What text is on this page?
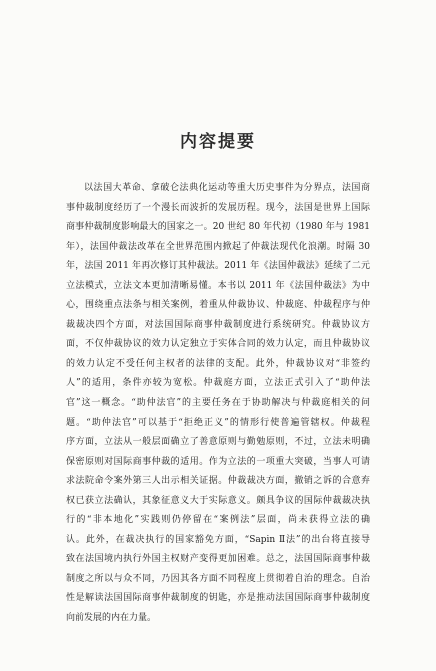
内容提要
以法国大革命、拿破仑法典化运动等重大历史事件为分界点，法国商
事仲裁制度经历了一个漫长而波折的发展历程。现今，法国是世界上国际
商事仲裁制度影响最大的国家之一。20 世纪 80 年代初（1980 年与 1981
年），法国仲裁法改革在全世界范围内掀起了仲裁法现代化浪潮。时隔 30
年，法国 2011 年再次修订其仲裁法。2011 年《法国仲裁法》延续了二元
立法模式，立法文本更加清晰易懂。本书以 2011 年《法国仲裁法》为中
心，围绕重点法条与相关案例，着重从仲裁协议、仲裁庭、仲裁程序与仲
裁裁决四个方面，对法国国际商事仲裁制度进行系统研究。仲裁协议方
面，不仅仲裁协议的效力认定独立于实体合同的效力认定，而且仲裁协议
的效力认定不受任何主权者的法律的支配。此外，仲裁协议对“非签约
人”的适用，条件亦较为宽松。仲裁庭方面，立法正式引入了“助仲法
官”这一概念。“助仲法官”的主要任务在于协助解决与仲裁庭相关的问
题。“助仲法官”可以基于“拒绝正义”的情形行使普遍管辖权。仲裁程
序方面，立法从一般层面确立了善意原则与勤勉原则，不过，立法未明确
保密原则对国际商事仲裁的适用。作为立法的一项重大突破，当事人可请
求法院命令案外第三人出示相关证据。仲裁裁决方面，撤销之诉的合意弃
权已获立法确认，其象征意义大于实际意义。颇具争议的国际仲裁裁决执
行的“非本地化”实践则仍停留在“案例法”层面，尚未获得立法的确
认。此外，在裁决执行的国家豁免方面，“Sapin Ⅱ法”的出台将直接导
致在法国境内执行外国主权财产变得更加困难。总之，法国国际商事仲裁
制度之所以与众不同，乃因其各方面不同程度上贯彻着自治的理念。自治
性是解读法国国际商事仲裁制度的钥匙，亦是推动法国国际商事仲裁制度
向前发展的内在力量。
